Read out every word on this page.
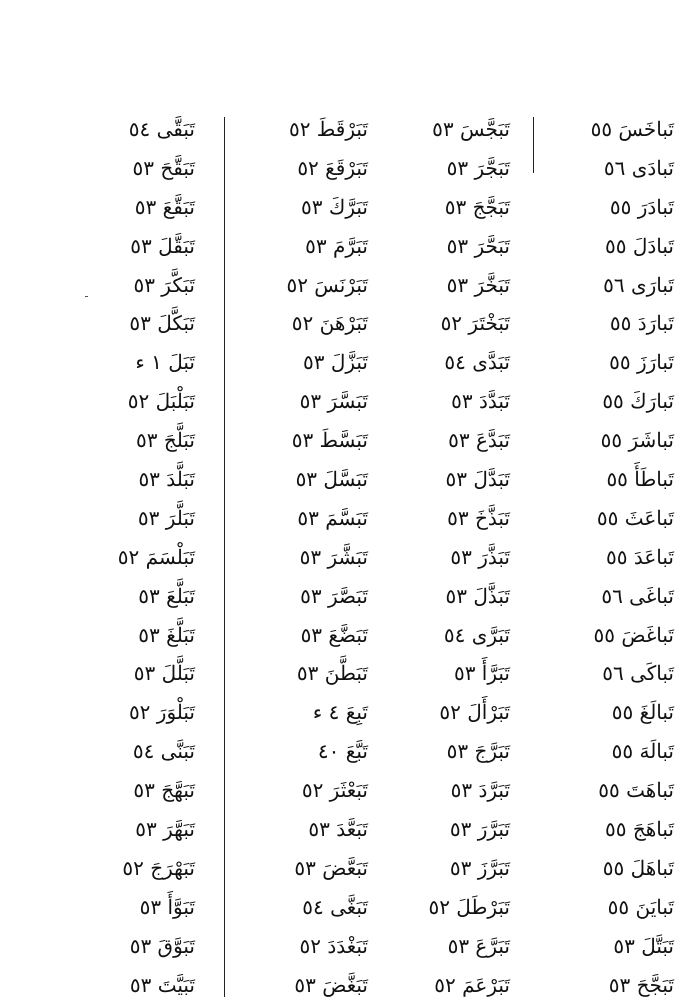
تَباخَسَ ٥٥
تَبادَى ٥٦
تَبادَرَ ٥٥
تَبادَلَ ٥٥
تَبارَى ٥٦
تَبارَدَ ٥٥
تَبارَزَ ٥٥
تَبارَكَ ٥٥
تَباشَرَ ٥٥
تَباطَأَ ٥٥
تَباعَثَ ٥٥
تَباعَدَ ٥٥
تَباغَى ٥٦
تَباغَضَ ٥٥
تَباكَى ٥٦
تَبالَغَ ٥٥
تَبالَهَ ٥٥
تَباهَتَ ٥٥
تَباهَجَ ٥٥
تَباهَلَ ٥٥
تَبايَنَ ٥٥
تَبَتَّلَ ٥٣
تَبَجَّحَ ٥٣
تَبَجَّسَ ٥٣
تَبَجَّرَ ٥٣
تَبَجَّجَ ٥٣
تَبَحَّرَ ٥٣
تَبَخَّرَ ٥٣
تَبَخْتَرَ ٥٢
تَبَدَّى ٥٤
تَبَدَّدَ ٥٣
تَبَدَّعَ ٥٣
تَبَدَّلَ ٥٣
تَبَذَّخَ ٥٣
تَبَذَّرَ ٥٣
تَبَذَّلَ ٥٣
تَبَرَّى ٥٤
تَبَرَّأَ ٥٣
تَبَرْأَلَ ٥٢
تَبَرَّجَ ٥٣
تَبَرَّدَ ٥٣
تَبَرَّرَ ٥٣
تَبَرَّزَ ٥٣
تَبَرْطَلَ ٥٢
تَبَرَّعَ ٥٣
تَبَرْعَمَ ٥٢
تَبَرْقَطَ ٥٢
تَبَرْقَعَ ٥٢
تَبَرَّكَ ٥٣
تَبَرَّمَ ٥٣
تَبَرْنَسَ ٥٢
تَبَرْهَنَ ٥٢
تَبَزَّلَ ٥٣
تَبَسَّرَ ٥٣
تَبَسَّطَ ٥٣
تَبَسَّلَ ٥٣
تَبَسَّمَ ٥٣
تَبَشَّرَ ٥٣
تَبَصَّرَ ٥٣
تَبَضَّعَ ٥٣
تَبَطَّنَ ٥٣
تَبِعَ ٤ ء
تَبَّعَ ٤٠
تَبَعْثَرَ ٥٢
تَبَعَّدَ ٥٣
تَبَعَّضَ ٥٣
تَبَغَّى ٥٤
تَبَغْدَدَ ٥٢
تَبَغَّضَ ٥٣
تَبَقَّى ٥٤
تَبَقَّحَ ٥٣
تَبَقَّعَ ٥٣
تَبَقَّلَ ٥٣
تَبَكَّرَ ٥٣
تَبَكَّلَ ٥٣
تَبَلَ ١ ء
تَبَلْبَلَ ٥٢
تَبَلَّجَ ٥٣
تَبَلَّدَ ٥٣
تَبَلَّرَ ٥٣
تَبَلْسَمَ ٥٢
تَبَلَّعَ ٥٣
تَبَلَّغَ ٥٣
تَبَلَّلَ ٥٣
تَبَلْوَرَ ٥٢
تَبَنَّى ٥٤
تَبَهَّجَ ٥٣
تَبَهَّرَ ٥٣
تَبَهْرَجَ ٥٢
تَبَوَّأَ ٥٣
تَبَوَّقَ ٥٣
تَبَيَّتَ ٥٣
